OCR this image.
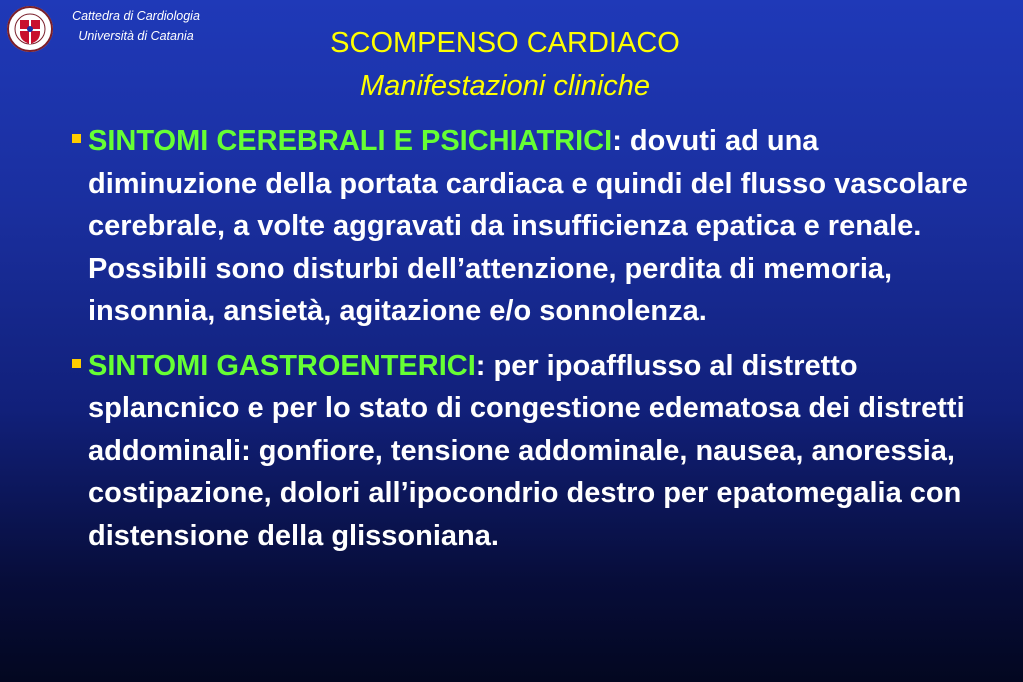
Cattedra di Cardiologia
Università di Catania	SCOMPENSO CARDIACO
Manifestazioni cliniche
SINTOMI CEREBRALI E PSICHIATRICI: dovuti ad una diminuzione della portata cardiaca e quindi del flusso vascolare cerebrale, a volte aggravati da insufficienza epatica e renale. Possibili sono disturbi dell’attenzione, perdita di memoria, insonnia, ansietà, agitazione e/o sonnolenza.
SINTOMI GASTROENTERICI: per ipoafflusso al distretto splancnico e per lo stato di congestione edematosa dei distretti addominali: gonfiore, tensione addominale, nausea, anoressia, costipazione, dolori all’ipocondrio destro per epatomegalia con distensione della glissoniana.
